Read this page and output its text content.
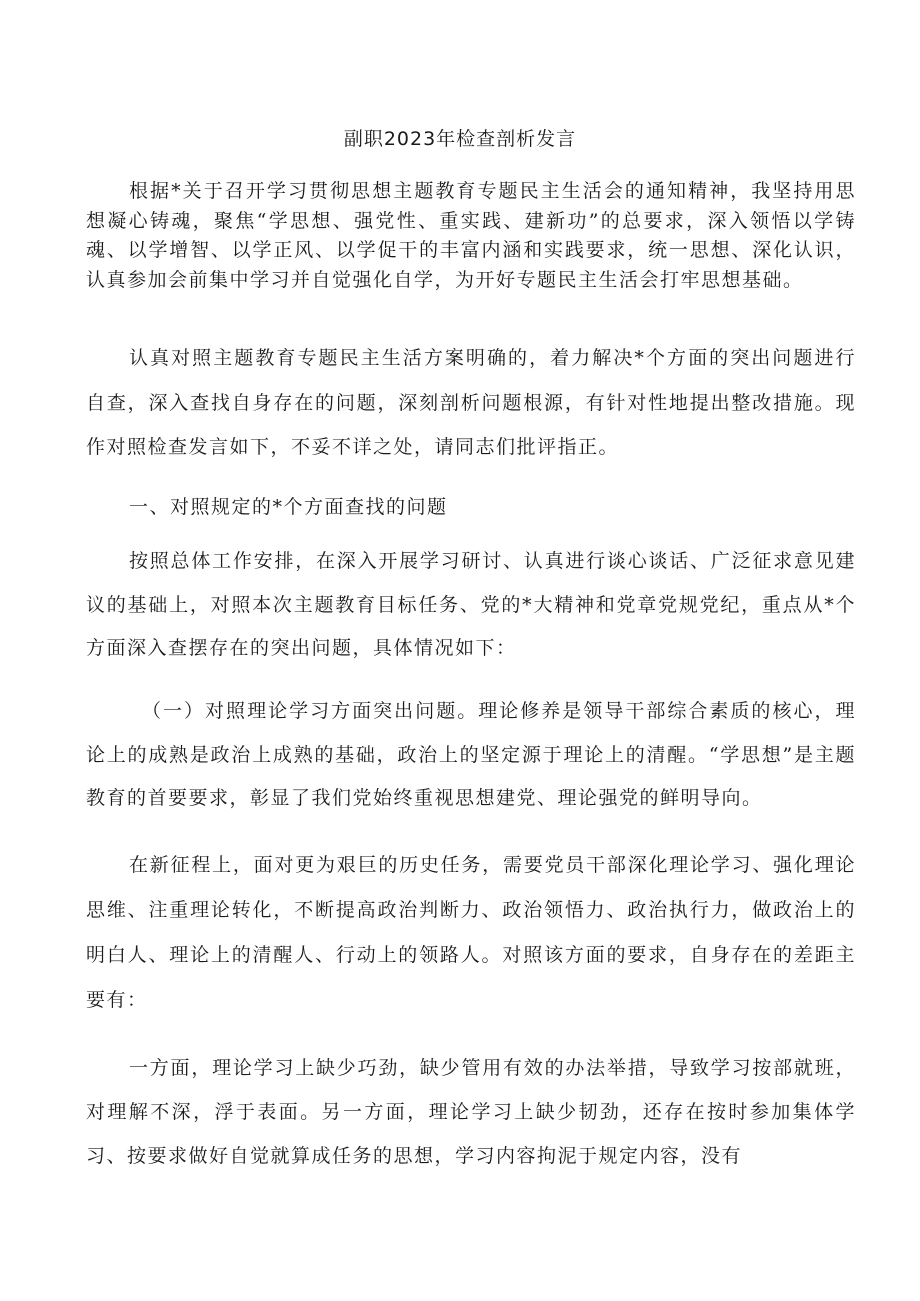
副职2023年检查剖析发言

根据*关于召开学习贯彻思想主题教育专题民主生活会的通知精神，我坚持用思想凝心铸魂，聚焦“学思想、强党性、重实践、建新功”的总要求，深入领悟以学铸魂、以学增智、以学正风、以学促干的丰富内涵和实践要求，统一思想、深化认识，认真参加会前集中学习并自觉强化自学，为开好专题民主生活会打牢思想基础。

认真对照主题教育专题民主生活方案明确的，着力解决*个方面的突出问题进行自查，深入查找自身存在的问题，深刻剖析问题根源，有针对性地提出整改措施。现作对照检查发言如下，不妥不详之处，请同志们批评指正。

一、对照规定的*个方面查找的问题

按照总体工作安排，在深入开展学习研讨、认真进行谈心谈话、广泛征求意见建议的基础上，对照本次主题教育目标任务、党的*大精神和党章党规党纪，重点从*个方面深入查摆存在的突出问题，具体情况如下：

（一）对照理论学习方面突出问题。理论修养是领导干部综合素质的核心，理论上的成熟是政治上成熟的基础，政治上的坚定源于理论上的清醒。“学思想”是主题教育的首要要求，彰显了我们党始终重视思想建党、理论强党的鲜明导向。

在新征程上，面对更为艰巨的历史任务，需要党员干部深化理论学习、强化理论思维、注重理论转化，不断提高政治判断力、政治领悟力、政治执行力，做政治上的明白人、理论上的清醒人、行动上的领路人。对照该方面的要求，自身存在的差距主要有：

一方面，理论学习上缺少巧劲，缺少管用有效的办法举措，导致学习按部就班，对理解不深，浮于表面。另一方面，理论学习上缺少韧劲，还存在按时参加集体学习、按要求做好自觉就算成任务的思想，学习内容拘泥于规定内容，没有
